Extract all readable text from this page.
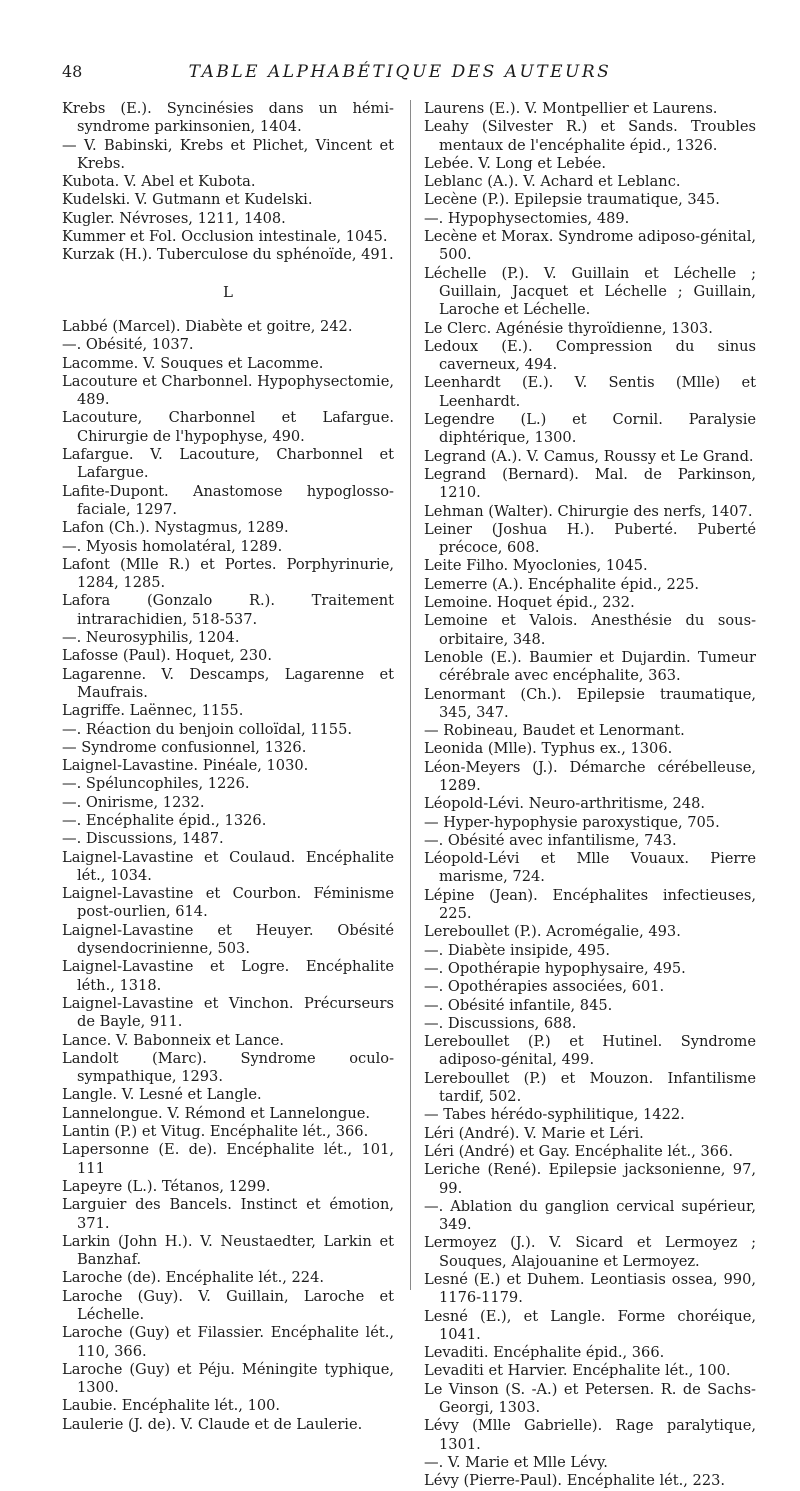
48	TABLE ALPHABÉTIQUE DES AUTEURS
Krebs (E.). Syncinésies dans un hémi-syndrome parkinsonien, 1404.
— V. Babinski, Krebs et Plichet, Vincent et Krebs.
Kubota. V. Abel et Kubota.
Kudelski. V. Gutmann et Kudelski.
Kugler. Névroses, 1211, 1408.
Kummer et Fol. Occlusion intestinale, 1045.
Kurzak (H.). Tuberculose du sphénoïde, 491.
L
Labbé (Marcel). Diabète et goitre, 242.
—. Obésité, 1037.
Lacomme. V. Souques et Lacomme.
Lacouture et Charbonnel. Hypophysectomie, 489.
Lacouture, Charbonnel et Lafargue. Chirurgie de l'hypophyse, 490.
Lafargue. V. Lacouture, Charbonnel et Lafargue.
Lafite-Dupont. Anastomose hypoglosso-faciale, 1297.
Lafon (Ch.). Nystagmus, 1289.
—. Myosis homolatéral, 1289.
Lafont (Mlle R.) et Portes. Porphyrinurie, 1284, 1285.
Lafora (Gonzalo R.). Traitement intrarachidien, 518-537.
—. Neurosyphilis, 1204.
Lafosse (Paul). Hoquet, 230.
Lagarenne. V. Descamps, Lagarenne et Maufrais.
Lagriffe. Laënnec, 1155.
—. Réaction du benjoin colloïdal, 1155.
— Syndrome confusionnel, 1326.
Laignel-Lavastine. Pinéale, 1030.
—. Spéluncophiles, 1226.
—. Onirisme, 1232.
—. Encéphalite épid., 1326.
—. Discussions, 1487.
Laignel-Lavastine et Coulaud. Encéphalite lét., 1034.
Laignel-Lavastine et Courbon. Féminisme post-ourlien, 614.
Laignel-Lavastine et Heuyer. Obésité dysendocrinienne, 503.
Laignel-Lavastine et Logre. Encéphalite léth., 1318.
Laignel-Lavastine et Vinchon. Précurseurs de Bayle, 911.
Lance. V. Babonneix et Lance.
Landolt (Marc). Syndrome oculo-sympathique, 1293.
Langle. V. Lesné et Langle.
Lannelongue. V. Rémond et Lannelongue.
Lantin (P.) et Vitug. Encéphalite lét., 366.
Lapersonne (E. de). Encéphalite lét., 101, 111
Lapeyre (L.). Tétanos, 1299.
Larguier des Bancels. Instinct et émotion, 371.
Larkin (John H.). V. Neustaedter, Larkin et Banzhaf.
Laroche (de). Encéphalite lét., 224.
Laroche (Guy). V. Guillain, Laroche et Léchelle.
Laroche (Guy) et Filassier. Encéphalite lét., 110, 366.
Laroche (Guy) et Péju. Méningite typhique, 1300.
Laubie. Encéphalite lét., 100.
Laulerie (J. de). V. Claude et de Laulerie.
Laurens (E.). V. Montpellier et Laurens.
Leahy (Silvester R.) et Sands. Troubles mentaux de l'encéphalite épid., 1326.
Lebée. V. Long et Lebée.
Leblanc (A.). V. Achard et Leblanc.
Lecène (P.). Epilepsie traumatique, 345.
—. Hypophysectomies, 489.
Lecène et Morax. Syndrome adiposo-génital, 500.
Léchelle (P.). V. Guillain et Léchelle ; Guillain, Jacquet et Léchelle ; Guillain, Laroche et Léchelle.
Le Clerc. Agénésie thyroïdienne, 1303.
Ledoux (E.). Compression du sinus caverneux, 494.
Leenhardt (E.). V. Sentis (Mlle) et Leenhardt.
Legendre (L.) et Cornil. Paralysie diphtérique, 1300.
Legrand (A.). V. Camus, Roussy et Le Grand.
Legrand (Bernard). Mal. de Parkinson, 1210.
Lehman (Walter). Chirurgie des nerfs, 1407.
Leiner (Joshua H.). Puberté. Puberté précoce, 608.
Leite Filho. Myoclonies, 1045.
Lemerre (A.). Encéphalite épid., 225.
Lemoine. Hoquet épid., 232.
Lemoine et Valois. Anesthésie du sous-orbitaire, 348.
Lenoble (E.). Baumier et Dujardin. Tumeur cérébrale avec encéphalite, 363.
Lenormant (Ch.). Epilepsie traumatique, 345, 347.
— Robineau, Baudet et Lenormant.
Leonida (Mlle). Typhus ex., 1306.
Léon-Meyers (J.). Démarche cérébelleuse, 1289.
Léopold-Lévi. Neuro-arthritisme, 248.
— Hyper-hypophysie paroxystique, 705.
—. Obésité avec infantilisme, 743.
Léopold-Lévi et Mlle Vouaux. Pierre marisme, 724.
Lépine (Jean). Encéphalites infectieuses, 225.
Lereboullet (P.). Acromégalie, 493.
—. Diabète insipide, 495.
—. Opothérapie hypophysaire, 495.
—. Opothérapies associées, 601.
—. Obésité infantile, 845.
—. Discussions, 688.
Lereboullet (P.) et Hutinel. Syndrome adiposo-génital, 499.
Lereboullet (P.) et Mouzon. Infantilisme tardif, 502.
— Tabes hérédo-syphilitique, 1422.
Léri (André). V. Marie et Léri.
Léri (André) et Gay. Encéphalite lét., 366.
Leriche (René). Epilepsie jacksonienne, 97, 99.
—. Ablation du ganglion cervical supérieur, 349.
Lermoyez (J.). V. Sicard et Lermoyez ; Souques, Alajouanine et Lermoyez.
Lesné (E.) et Duhem. Leontiasis ossea, 990, 1176-1179.
Lesné (E.), et Langle. Forme choréique, 1041.
Levaditi. Encéphalite épid., 366.
Levaditi et Harvier. Encéphalite lét., 100.
Le Vinson (S. -A.) et Petersen. R. de Sachs-Georgi, 1303.
Lévy (Mlle Gabrielle). Rage paralytique, 1301.
—. V. Marie et Mlle Lévy.
Lévy (Pierre-Paul). Encéphalite lét., 223.
